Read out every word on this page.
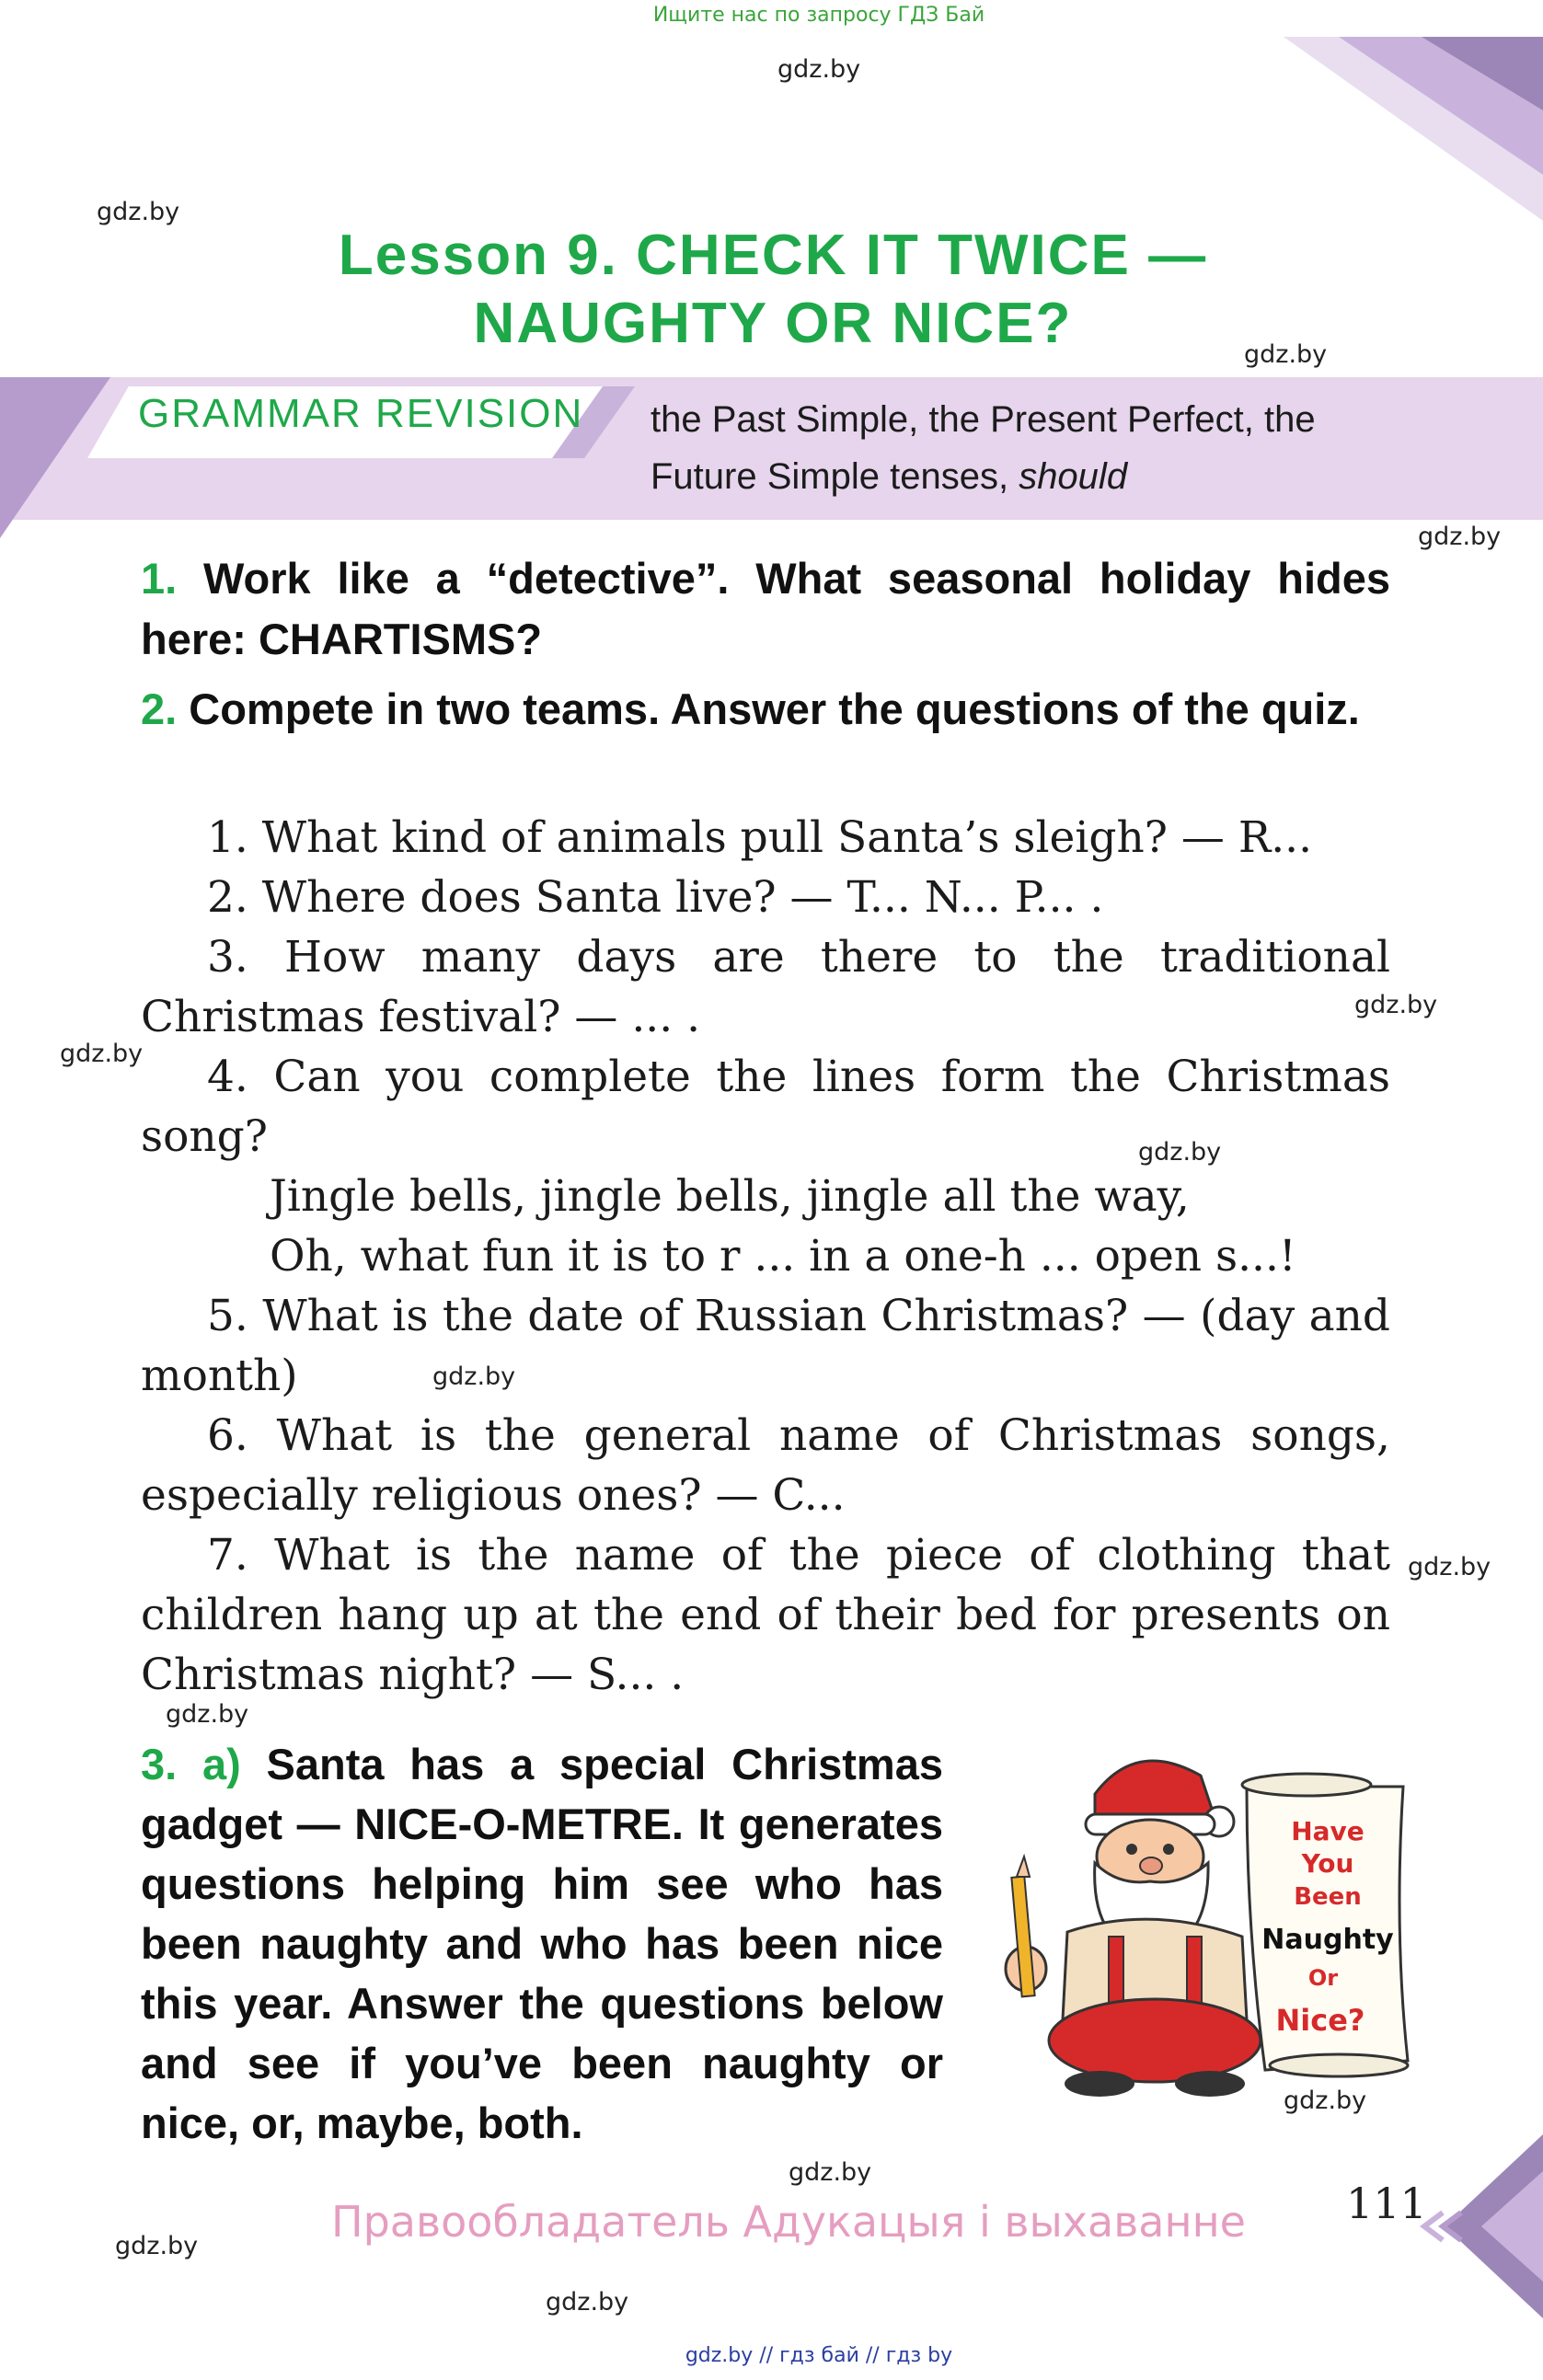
Ищите нас по запросу ГДЗ Бай
gdz.by
gdz.by
gdz.by
gdz.by
gdz.by
gdz.by
gdz.by
gdz.by
gdz.by
gdz.by
gdz.by
gdz.by
gdz.by
gdz.by
Lesson 9. CHECK IT TWICE —
NAUGHTY OR NICE?
GRAMMAR REVISION the Past Simple, the Present Perfect, the
Future Simple tenses, should
1. Work like a “detective”. What seasonal holiday hides here: CHARTISMS?
2. Compete in two teams. Answer the questions of the quiz.

1. What kind of animals pull Santa’s sleigh? — R...

2. Where does Santa live? — T... N... P... .

3. How many days are there to the traditional Christmas festival? — ... .

4. Can you complete the lines form the Christmas song?

Jingle bells, jingle bells, jingle all the way,

Oh, what fun it is to r ... in a one-h ... open s...!

5. What is the date of Russian Christmas? — (day and month)

6. What is the general name of Christmas songs, especially religious ones? — C...

7. What is the name of the piece of clothing that children hang up at the end of their bed for presents on Christmas night? — S... .

3. a) Santa has a special Christmas gadget — NICE-O-METRE. It generates questions helping him see who has been naughty and who has been nice this year. Answer the questions below and see if you’ve been naughty or nice, or, maybe, both.
Have
You
Been
Naughty
Or
Nice?
Правообладатель Адукацыя і выхаванне 111
gdz.by // гдз бай // гдз by
